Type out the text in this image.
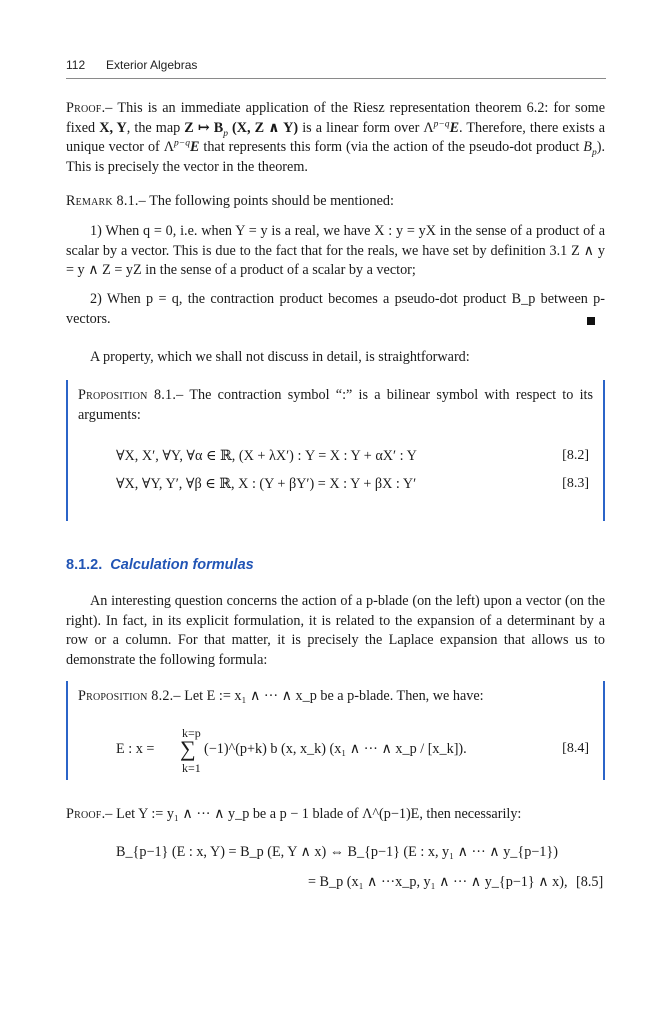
112 Exterior Algebras

Proof.– This is an immediate application of the Riesz representation theorem 6.2: for some fixed X, Y, the map Z ↦ $B_p$ (X, Z ∧ Y) is a linear form over $\Lambda^{p-q}E$. Therefore, there exists a unique vector of $\Lambda^{p-q}E$ that represents this form (via the action of the pseudo-dot product $B_p$). This is precisely the vector in the theorem.

Remark 8.1.– The following points should be mentioned:

1) When q = 0, i.e. when Y = y is a real, we have X : y = yX in the sense of a product of a scalar by a vector. This is due to the fact that for the reals, we have set by definition 3.1 Z ∧ y = y ∧ Z = yZ in the sense of a product of a scalar by a vector;

2) When p = q, the contraction product becomes a pseudo-dot product B_p between p-vectors.

A property, which we shall not discuss in detail, is straightforward:

Proposition 8.1.– The contraction symbol “:” is a bilinear symbol with respect to its arguments:

∀X, X′, ∀Y, ∀α ∈ ℝ, (X + λX′) : Y = X : Y + αX′ : Y	[8.2]
∀X, ∀Y, Y′, ∀β ∈ ℝ, X : (Y + βY′) = X : Y + βX : Y′	[8.3]
8.1.2. Calculation formulas

An interesting question concerns the action of a p-blade (on the left) upon a vector (on the right). In fact, in its explicit formulation, it is related to the expansion of a determinant by a row or a column. For that matter, it is precisely the Laplace expansion that allows us to demonstrate the following formula:

Proposition 8.2.– Let E := x₁ ∧ ··· ∧ x_p be a p-blade. Then, we have:

k=p
E : x = ∑ (−1)^(p+k) b (x, x_k) (x₁ ∧ ··· ∧ x_p / [x_k]).
k=1
[8.4]

Proof.– Let Y := y₁ ∧ ··· ∧ y_p be a p − 1 blade of Λ^(p−1)E, then necessarily:

B_{p−1} (E : x, Y) = B_p (E, Y ∧ x) ⇔ B_{p−1} (E : x, y₁ ∧ ··· ∧ y_{p−1})
= B_p (x₁ ∧ ···x_p, y₁ ∧ ··· ∧ y_{p−1} ∧ x), [8.5]
